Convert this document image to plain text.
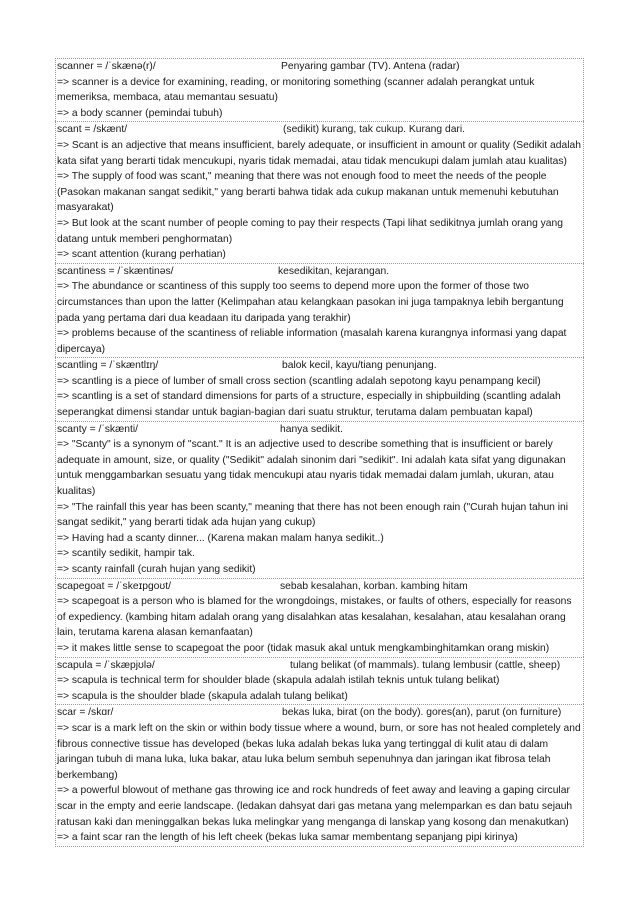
scanner = /ˈskænə(r)/	Penyaring gambar (TV). Antena (radar)
=> scanner is a device for examining, reading, or monitoring something (scanner adalah perangkat untuk memeriksa, membaca, atau memantau sesuatu)
=> a body scanner (pemindai tubuh)
scant = /skænt/	(sedikit) kurang, tak cukup. Kurang dari.
=> Scant is an adjective that means insufficient, barely adequate, or insufficient in amount or quality (Sedikit adalah kata sifat yang berarti tidak mencukupi, nyaris tidak memadai, atau tidak mencukupi dalam jumlah atau kualitas)
=> The supply of food was scant," meaning that there was not enough food to meet the needs of the people (Pasokan makanan sangat sedikit," yang berarti bahwa tidak ada cukup makanan untuk memenuhi kebutuhan masyarakat)
=> But look at the scant number of people coming to pay their respects (Tapi lihat sedikitnya jumlah orang yang datang untuk memberi penghormatan)
=> scant attention (kurang perhatian)
scantiness = /ˈskæntinəs/	kesedikitan, kejarangan.
=> The abundance or scantiness of this supply too seems to depend more upon the former of those two circumstances than upon the latter (Kelimpahan atau kelangkaan pasokan ini juga tampaknya lebih bergantung pada yang pertama dari dua keadaan itu daripada yang terakhir)
=> problems because of the scantiness of reliable information (masalah karena kurangnya informasi yang dapat dipercaya)
scantling = /ˈskæntlɪŋ/	balok kecil, kayu/tiang penunjang.
=> scantling is a piece of lumber of small cross section (scantling adalah sepotong kayu penampang kecil)
=> scantling is a set of standard dimensions for parts of a structure, especially in shipbuilding (scantling adalah seperangkat dimensi standar untuk bagian-bagian dari suatu struktur, terutama dalam pembuatan kapal)
scanty = /ˈskænti/	hanya sedikit.
=> "Scanty" is a synonym of "scant." It is an adjective used to describe something that is insufficient or barely adequate in amount, size, or quality ("Sedikit" adalah sinonim dari "sedikit". Ini adalah kata sifat yang digunakan untuk menggambarkan sesuatu yang tidak mencukupi atau nyaris tidak memadai dalam jumlah, ukuran, atau kualitas)
=> "The rainfall this year has been scanty," meaning that there has not been enough rain ("Curah hujan tahun ini sangat sedikit," yang berarti tidak ada hujan yang cukup)
=> Having had a scanty dinner... (Karena makan malam hanya sedikit..)
=> scantily sedikit, hampir tak.
=> scanty rainfall (curah hujan yang sedikit)
scapegoat = /ˈskeɪpgoʊt/	sebab kesalahan, korban. kambing hitam
=> scapegoat is a person who is blamed for the wrongdoings, mistakes, or faults of others, especially for reasons of expediency. (kambing hitam adalah orang yang disalahkan atas kesalahan, kesalahan, atau kesalahan orang lain, terutama karena alasan kemanfaatan)
=> it makes little sense to scapegoat the poor (tidak masuk akal untuk mengkambinghitamkan orang miskin)
scapula = /ˈskæpjʊlə/	tulang belikat (of mammals). tulang lembusir (cattle, sheep)
=> scapula is technical term for shoulder blade (skapula adalah istilah teknis untuk tulang belikat)
=> scapula is the shoulder blade (skapula adalah tulang belikat)
scar = /skɑr/	bekas luka, birat (on the body). gores(an), parut (on furniture)
=> scar is a mark left on the skin or within body tissue where a wound, burn, or sore has not healed completely and fibrous connective tissue has developed (bekas luka adalah bekas luka yang tertinggal di kulit atau di dalam jaringan tubuh di mana luka, luka bakar, atau luka belum sembuh sepenuhnya dan jaringan ikat fibrosa telah berkembang)
=> a powerful blowout of methane gas throwing ice and rock hundreds of feet away and leaving a gaping circular scar in the empty and eerie landscape. (ledakan dahsyat dari gas metana yang melemparkan es dan batu sejauh ratusan kaki dan meninggalkan bekas luka melingkar yang menganga di lanskap yang kosong dan menakutkan)
=> a faint scar ran the length of his left cheek (bekas luka samar membentang sepanjang pipi kirinya)
